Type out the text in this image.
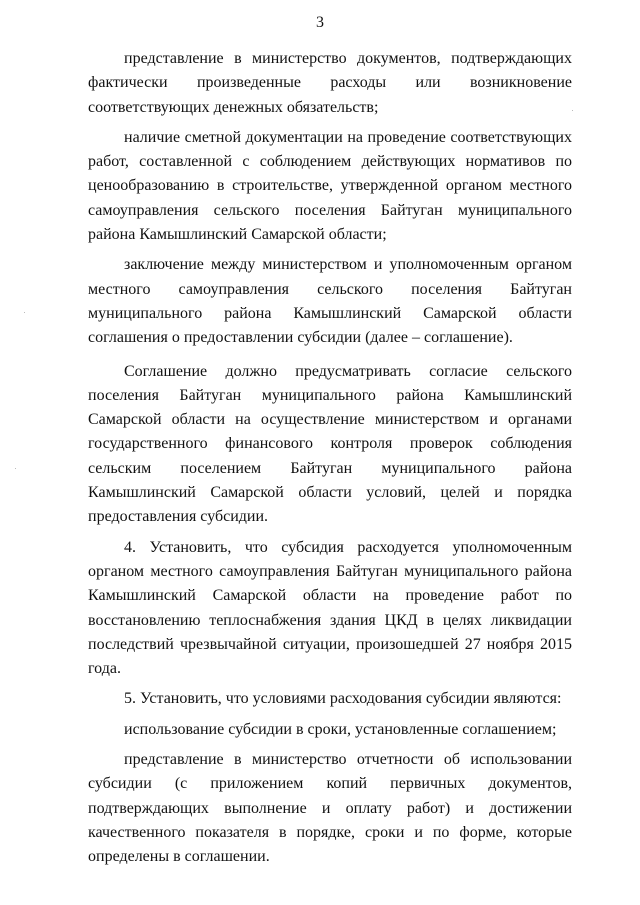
3

представление в министерство документов, подтверждающих фактически произведенные расходы или возникновение соответствующих денежных обязательств;

наличие сметной документации на проведение соответствующих работ, составленной с соблюдением действующих нормативов по ценообразованию в строительстве, утвержденной органом местного самоуправления сельского поселения Байтуган муниципального района Камышлинский Самарской области;

заключение между министерством и уполномоченным органом местного самоуправления сельского поселения Байтуган муниципального района Камышлинский Самарской области соглашения о предоставлении субсидии (далее – соглашение).

Соглашение должно предусматривать согласие сельского поселения Байтуган муниципального района Камышлинский Самарской области на осуществление министерством и органами государственного финансового контроля проверок соблюдения сельским поселением Байтуган муниципального района Камышлинский Самарской области условий, целей и порядка предоставления субсидии.

4. Установить, что субсидия расходуется уполномоченным органом местного самоуправления Байтуган муниципального района Камышлинский Самарской области на проведение работ по восстановлению теплоснабжения здания ЦКД в целях ликвидации последствий чрезвычайной ситуации, произошедшей 27 ноября 2015 года.

5. Установить, что условиями расходования субсидии являются:

использование субсидии в сроки, установленные соглашением;

представление в министерство отчетности об использовании субсидии (с приложением копий первичных документов, подтверждающих выполнение и оплату работ) и достижении качественного показателя в порядке, сроки и по форме, которые определены в соглашении.
